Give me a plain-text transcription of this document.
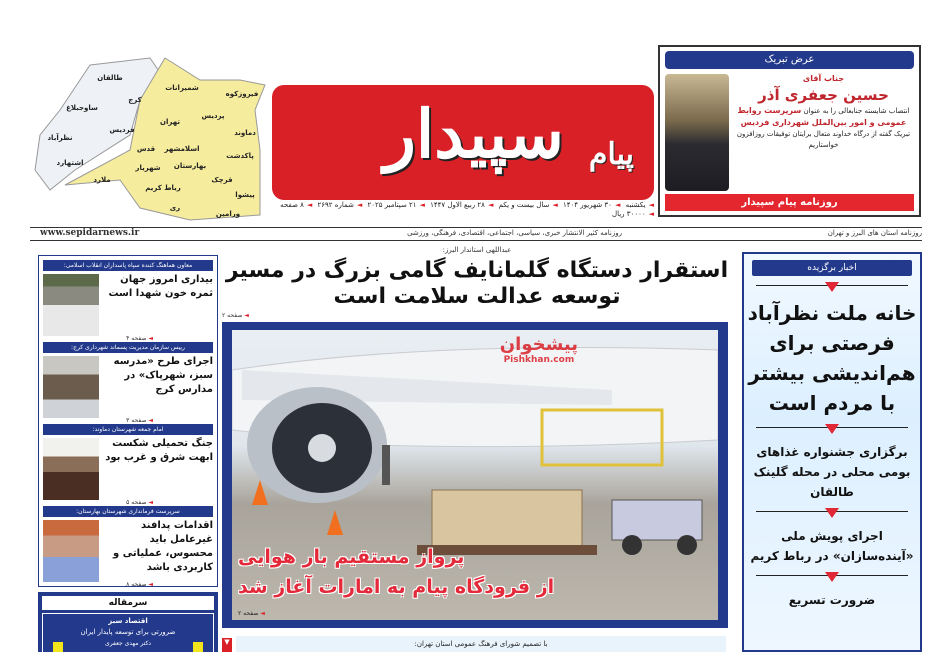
طالقان
ساوجبلاغ
کرج
نظرآباد
اشتهارد
فردیس
ملارد
شمیرانات
تهران
پردیس
دماوند
فیروزکوه
قدس اسلامشهر
شهریار بهارستان
رباط کریم
ری
قرچک
پاکدشت
پیشوا
ورامین
پیام
سپیدار
◄یکشنبه ◄۳۰ شهریور ۱۴۰۴ ◄سال بیست و یکم ◄۲۸ ربیع الاول ۱۴۴۷ ◄۲۱ سپتامبر ۲۰۲۵ ◄شماره ۲۶۹۲ ◄۸ صفحه ◄۳۰۰۰۰ ریال
عرض تبریک
جناب آقای
حسین جعفری آذر
انتصاب شایسته جنابعالی را به عنوان سرپرست روابط عمومی و امور بین‌الملل شهرداری فردیس تبریک گفته از درگاه خداوند متعال برایتان توفیقات روزافزون خواستاریم
روزنامه پیام سپیدار
روزنامه استان های البرز و تهران
روزنامه کثیر الانتشار خبری، سیاسی، اجتماعی، اقتصادی، فرهنگی، ورزشی
www.sepidarnews.ir
معاون هماهنگ کننده سپاه پاسداران انقلاب اسلامی:
بیداری امروز جهان ثمره خون شهدا است
◄ صفحه ۴
رییس سازمان مدیریت پسماند شهرداری کرج:
اجرای طرح «مدرسه سبز، شهرپاک» در مدارس کرج
◄ صفحه ۳
امام جمعه شهرستان دماوند:
جنگ تحمیلی شکست ابهت شرق و غرب بود
◄ صفحه ۵
سرپرست فرمانداری شهرستان بهارستان:
اقدامات پدافند غیرعامل باید محسوس، عملیاتی و کاربردی باشد
◄ صفحه ۸
سرمقاله
اقتصاد سبز
ضرورتی برای توسعه پایدار ایران
دکتر مهدی جعفری
عبداللهی استاندار البرز:
استقرار دستگاه گلمانایف گامی بزرگ در مسیر توسعه عدالت سلامت است
◄ صفحه ۲
پیشخوان
Pishkhan.com
پرواز مستقیم بار هوایی
از فرودگاه پیام به امارات آغاز شد
◄ صفحه ۲
▼	با تصمیم شورای فرهنگ عمومی استان تهران:
اخبار برگزیده
خانه ملت نظرآباد فرصتی برای هم‌اندیشی بیشتر با مردم است
برگزاری جشنواره غذاهای بومی محلی در محله گلینک طالقان
اجرای پویش ملی «آینده‌سازان» در رباط کریم
ضرورت تسریع
